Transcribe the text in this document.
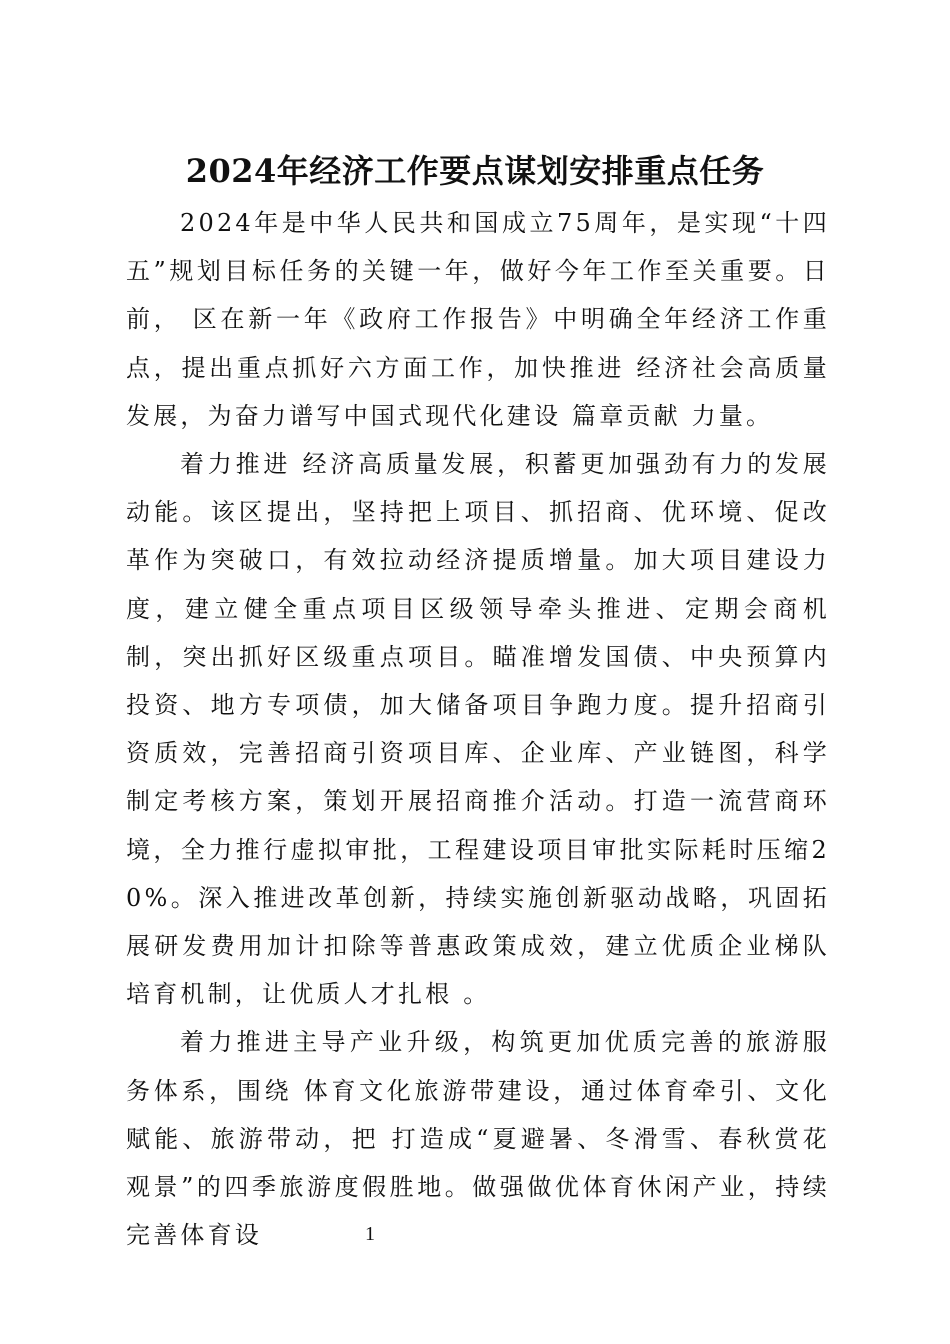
2024年经济工作要点谋划安排重点任务

2024年是中华人民共和国成立75周年，是实现“十四五”规划目标任务的关键一年，做好今年工作至关重要。日前， 区在新一年《政府工作报告》中明确全年经济工作重点，提出重点抓好六方面工作，加快推进 经济社会高质量发展，为奋力谱写中国式现代化建设 篇章贡献 力量。

着力推进 经济高质量发展，积蓄更加强劲有力的发展动能。该区提出，坚持把上项目、抓招商、优环境、促改革作为突破口，有效拉动经济提质增量。加大项目建设力度，建立健全重点项目区级领导牵头推进、定期会商机制，突出抓好区级重点项目。瞄准增发国债、中央预算内投资、地方专项债，加大储备项目争跑力度。提升招商引资质效，完善招商引资项目库、企业库、产业链图，科学制定考核方案，策划开展招商推介活动。打造一流营商环境，全力推行虚拟审批，工程建设项目审批实际耗时压缩20%。深入推进改革创新，持续实施创新驱动战略，巩固拓展研发费用加计扣除等普惠政策成效，建立优质企业梯队培育机制，让优质人才扎根 。

着力推进主导产业升级，构筑更加优质完善的旅游服务体系，围绕 体育文化旅游带建设，通过体育牵引、文化赋能、旅游带动，把 打造成“夏避暑、冬滑雪、春秋赏花观景”的四季旅游度假胜地。做强做优体育休闲产业，持续完善体育设	1
